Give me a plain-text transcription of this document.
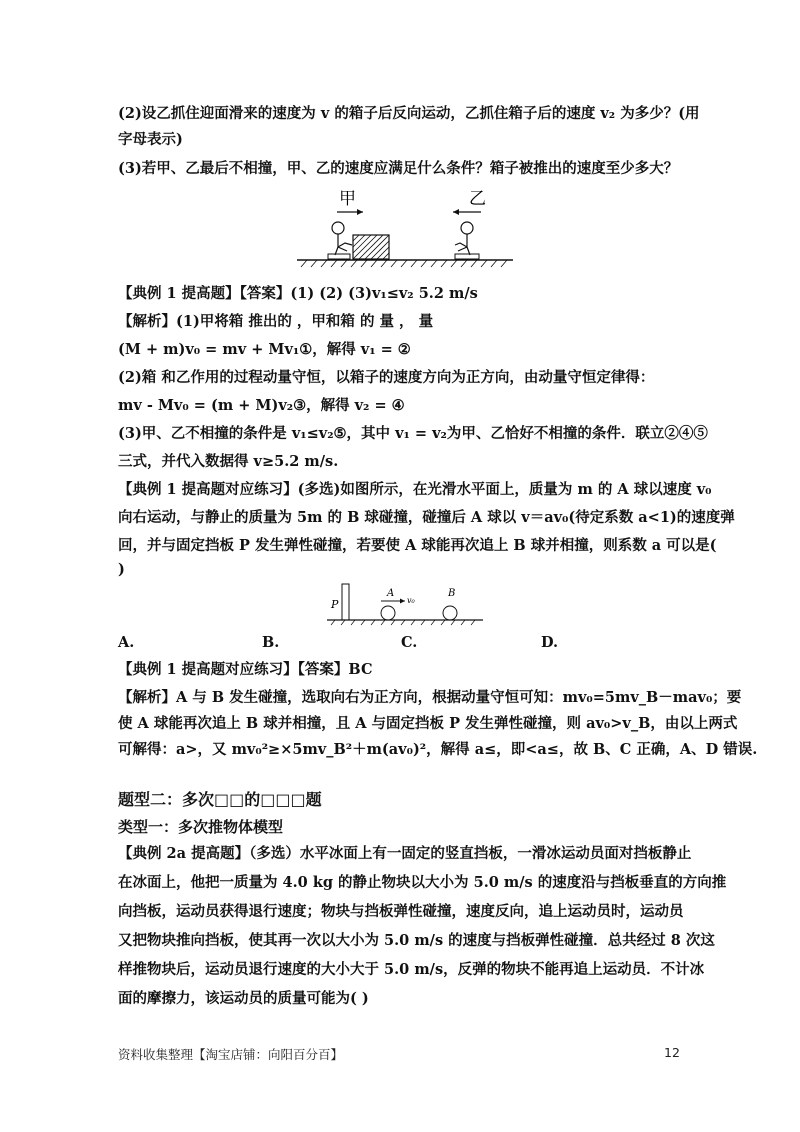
(2)设乙抓住迎面滑来的速度为 v 的箱子后反向运动，乙抓住箱子后的速度 v₂ 为多少？(用
字母表示)
(3)若甲、乙最后不相撞，甲、乙的速度应满足什么条件？箱子被推出的速度至少多大？
甲	乙
【典例 1 提高题】【答案】(1) (2) (3)v₁≤v₂ 5.2 m/s
【解析】(1)甲将箱 推出的 ，甲和箱 的 量 ， 量
(M + m)v₀ = mv + Mv₁①，解得 v₁ = ②
(2)箱 和乙作用的过程动量守恒，以箱子的速度方向为正方向，由动量守恒定律得：
mv - Mv₀ = (m + M)v₂③，解得 v₂ = ④
(3)甲、乙不相撞的条件是 v₁≤v₂⑤，其中 v₁ = v₂为甲、乙恰好不相撞的条件．联立②④⑤
三式，并代入数据得 v≥5.2 m/s.
【典例 1 提高题对应练习】(多选)如图所示，在光滑水平面上，质量为 m 的 A 球以速度 v₀
向右运动，与静止的质量为 5m 的 B 球碰撞，碰撞后 A 球以 v＝av₀(待定系数 a<1)的速度弹
回，并与固定挡板 P 发生弹性碰撞，若要使 A 球能再次追上 B 球并相撞，则系数 a 可以是(
)
P
A
v₀
B
A.	B.	C.	D.
【典例 1 提高题对应练习】【答案】BC
【解析】A 与 B 发生碰撞，选取向右为正方向，根据动量守恒可知：mv₀=5mv_B－mav₀；要
使 A 球能再次追上 B 球并相撞，且 A 与固定挡板 P 发生弹性碰撞，则 av₀>v_B，由以上两式
可解得：a>，又 mv₀²≥×5mv_B²＋m(av₀)²，解得 a≤，即<a≤，故 B、C 正确，A、D 错误.
题型二：多次□□的□□□题
类型一：多次推物体模型
【典例 2a 提高题】（多选）水平冰面上有一固定的竖直挡板，一滑冰运动员面对挡板静止
在冰面上，他把一质量为 4.0 kg 的静止物块以大小为 5.0 m/s 的速度沿与挡板垂直的方向推
向挡板，运动员获得退行速度；物块与挡板弹性碰撞，速度反向，追上运动员时，运动员
又把物块推向挡板，使其再一次以大小为 5.0 m/s 的速度与挡板弹性碰撞．总共经过 8 次这
样推物块后，运动员退行速度的大小大于 5.0 m/s，反弹的物块不能再追上运动员．不计冰
面的摩擦力，该运动员的质量可能为( )
资料收集整理【淘宝店铺：向阳百分百】	12
